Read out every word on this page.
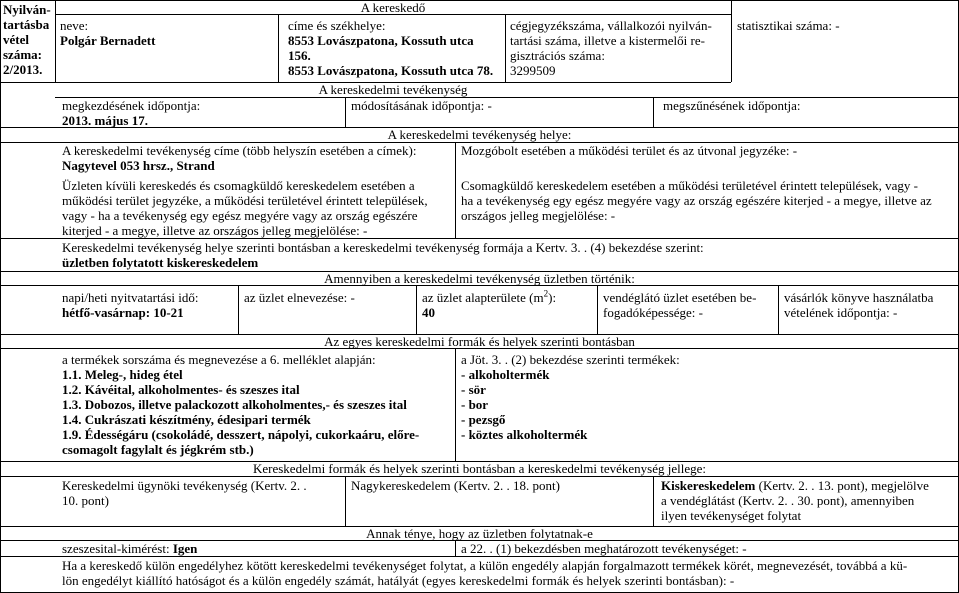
Nyilván-
tartásba
vétel
száma:
2/2013.
A kereskedő
neve:
Polgár Bernadett
címe és székhelye:
8553 Lovászpatona, Kossuth utca
156.
8553 Lovászpatona, Kossuth utca 78.
cégjegyzékszáma, vállalkozói nyilván-
tartási száma, illetve a kistermelői re-
gisztrációs száma:
3299509
statisztikai száma: -
A kereskedelmi tevékenység
megkezdésének időpontja:
2013. május 17.
módosításának időpontja: -	megszűnésének időpontja:
A kereskedelmi tevékenység helye:
A kereskedelmi tevékenység címe (több helyszín esetében a címek):
Nagytevel 053 hrsz., Strand
Üzleten kívüli kereskedés és csomagküldő kereskedelem esetében a
működési terület jegyzéke, a működési területével érintett települések,
vagy - ha a tevékenység egy egész megyére vagy az ország egészére
kiterjed - a megye, illetve az országos jelleg megjelölése: -
Mozgóbolt esetében a működési terület és az útvonal jegyzéke: -
Csomagküldő kereskedelem esetében a működési területével érintett települések, vagy -
ha a tevékenység egy egész megyére vagy az ország egészére kiterjed - a megye, illetve az
országos jelleg megjelölése: -
Kereskedelmi tevékenység helye szerinti bontásban a kereskedelmi tevékenység formája a Kertv. 3. . (4) bekezdése szerint:
üzletben folytatott kiskereskedelem
Amennyiben a kereskedelmi tevékenység üzletben történik:
napi/heti nyitvatartási idő:
hétfő-vasárnap: 10-21
az üzlet elnevezése: -	az üzlet alapterülete $(m^2)$:
40
vendéglátó üzlet esetében be-
fogadóképessége: -
vásárlók könyve használatba
vételének időpontja: -
Az egyes kereskedelmi formák és helyek szerinti bontásban
a termékek sorszáma és megnevezése a 6. melléklet alapján:
1.1. Meleg-, hideg étel
1.2. Kávéital, alkoholmentes- és szeszes ital
1.3. Dobozos, illetve palackozott alkoholmentes,- és szeszes ital
1.4. Cukrászati készítmény, édesipari termék
1.9. Édességáru (csokoládé, desszert, nápolyi, cukorkaáru, előre-
csomagolt fagylalt és jégkrém stb.)
a Jöt. 3. . (2) bekezdése szerinti termékek:
- alkoholtermék
- sör
- bor
- pezsgő
- köztes alkoholtermék
Kereskedelmi formák és helyek szerinti bontásban a kereskedelmi tevékenység jellege:
Kereskedelmi ügynöki tevékenység (Kertv. 2. .
10. pont)
Nagykereskedelem (Kertv. 2. . 18. pont)	Kiskereskedelem (Kertv. 2. . 13. pont), megjelölve
a vendéglátást (Kertv. 2. . 30. pont), amennyiben
ilyen tevékenységet folytat
Annak ténye, hogy az üzletben folytatnak-e
szeszesital-kimérést: Igen	a 22. . (1) bekezdésben meghatározott tevékenységet: -
Ha a kereskedő külön engedélyhez kötött kereskedelmi tevékenységet folytat, a külön engedély alapján forgalmazott termékek körét, megnevezését, továbbá a kü-
lön engedélyt kiállító hatóságot és a külön engedély számát, hatályát (egyes kereskedelmi formák és helyek szerinti bontásban): -
